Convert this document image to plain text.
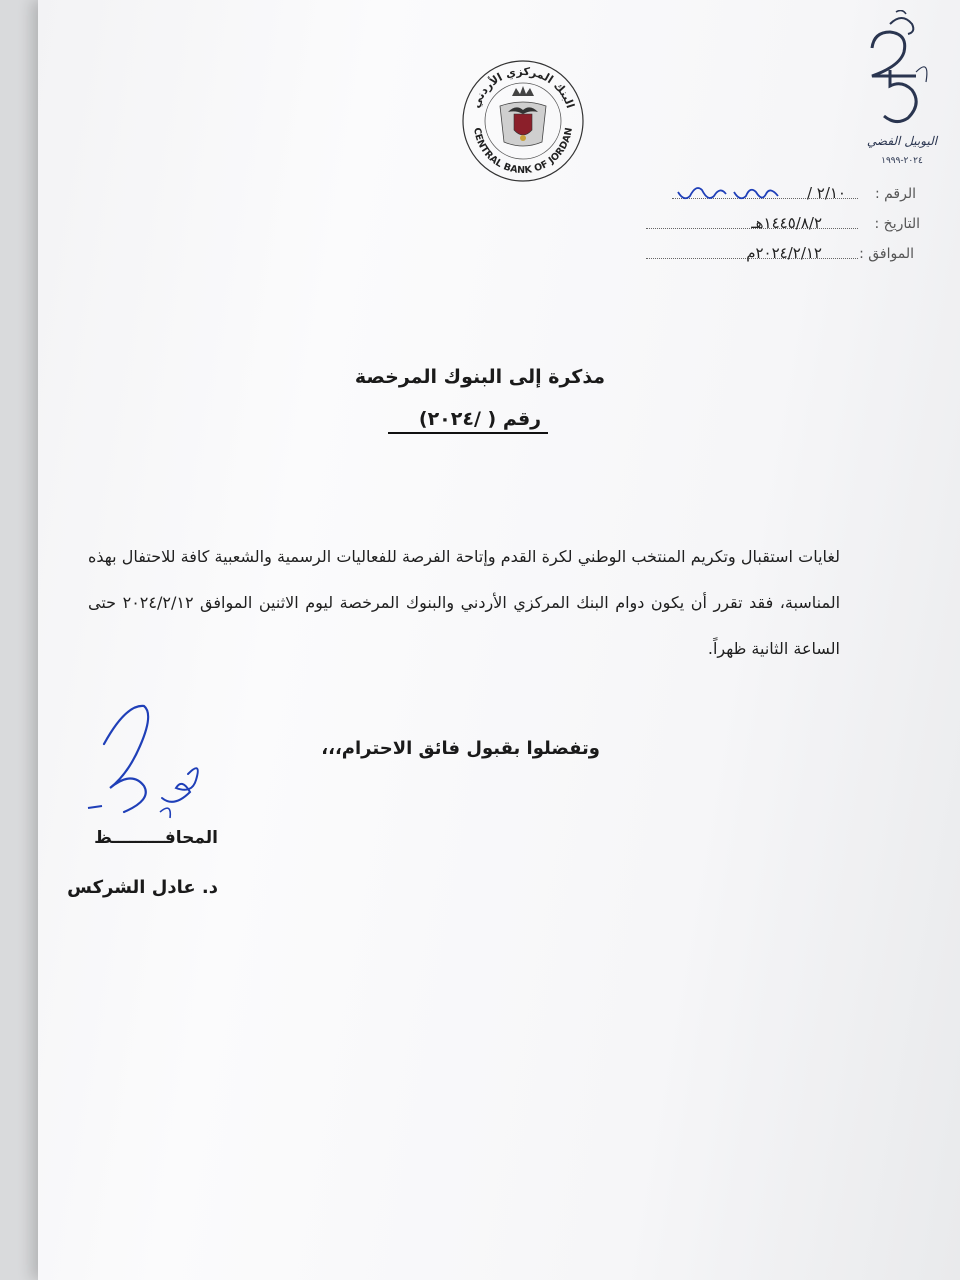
البنك المركزي الأردني
CENTRAL BANK OF JORDAN
اليوبيل الفضي
٢٠٢٤-١٩٩٩
الرقم :
٢/١٠ /
التاريخ :
١٤٤٥/٨/٢هـ
الموافق :
٢٠٢٤/٢/١٢م
مذكرة إلى البنوك المرخصة
رقم ( /٢٠٢٤)
لغايات استقبال وتكريم المنتخب الوطني لكرة القدم وإتاحة الفرصة للفعاليات الرسمية والشعبية كافة للاحتفال بهذه المناسبة، فقد تقرر أن يكون دوام البنك المركزي الأردني والبنوك المرخصة ليوم الاثنين الموافق ٢٠٢٤/٢/١٢ حتى الساعة الثانية ظهراً.
وتفضلوا بقبول فائق الاحترام،،،
المحافـــــــــظ
د. عادل الشركس
